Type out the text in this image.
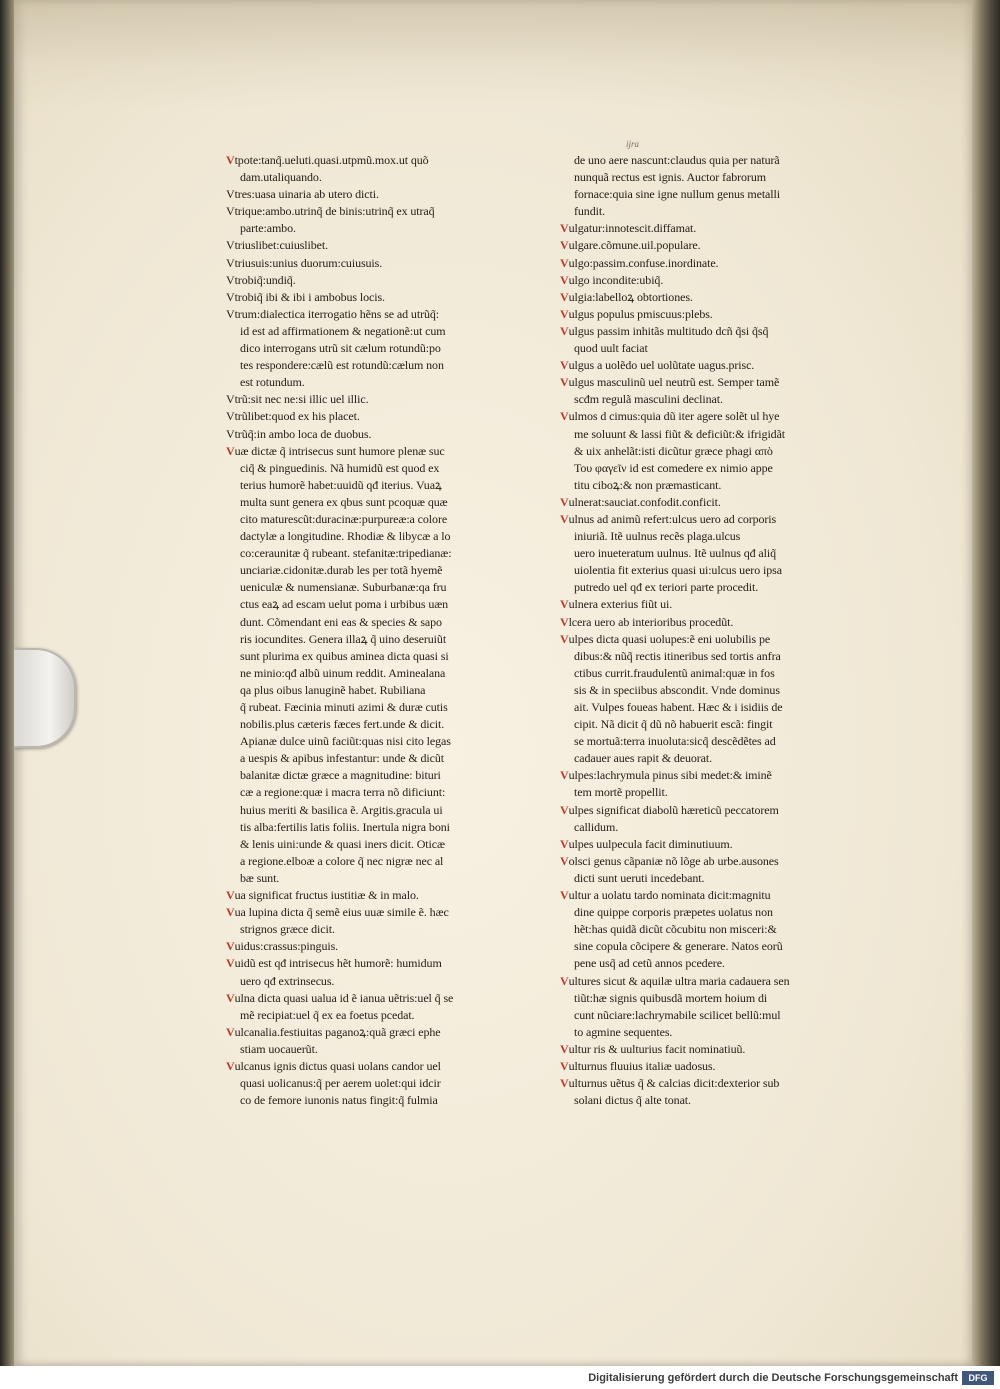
ijra
Vtpote:tanq̃.ueluti.quasi.utpmũ.mox.ut quõ
dam.utaliquando.
Vtres:uasa uinaria ab utero dicti.
Vtrique:ambo.utrinq̃ de binis:utrinq̃ ex utraq̃
parte:ambo.
Vtriuslibet:cuiuslibet.
Vtriusuis:unius duorum:cuiusuis.
Vtrobiq̃:undiq̃.
Vtrobiq̃ ibi & ibi i ambobus locis.
Vtrum:dialectica iterrogatio hẽns se ad utrũq̃:
id est ad affirmationem & negationẽ:ut cum
dico interrogans utrũ sit cælum rotundũ:po
tes respondere:cælũ est rotundũ:cælum non
est rotundum.
Vtrũ:sit nec ne:si illic uel illic.
Vtrũlibet:quod ex his placet.
Vtrũq̃:in ambo loca de duobus.
Vuæ dictæ q̃ intrisecus sunt humore plenæ suc
ciq̃ & pinguedinis. Nã humidũ est quod ex
terius humorẽ habet:uuidũ qđ iterius. Vuaꝝ
multa sunt genera ex qbus sunt pcoquæ quæ
cito maturescũt:duracinæ:purpureæ:a colore
dactylæ a longitudine. Rhodiæ & libycæ a lo
co:ceraunitæ q̃ rubeant. stefanitæ:tripedianæ:
unciariæ.cidonitæ.durab les per totã hyemẽ
ueniculæ & numensianæ. Suburbanæ:qa fru
ctus eaꝝ ad escam uelut poma i urbibus uæn
dunt. Cõmendant eni eas & species & sapo
ris iocundites. Genera illaꝝ q̃ uino deseruiũt
sunt plurima ex quibus aminea dicta quasi si
ne minio:qđ albũ uinum reddit. Aminealana
qa plus oibus lanuginẽ habet. Rubiliana
q̃ rubeat. Fæcinia minuti azimi & duræ cutis
nobilis.plus cæteris fæces fert.unde & dicit.
Apianæ dulce uinũ faciũt:quas nisi cito legas
a uespis & apibus infestantur: unde & dicũt
balanitæ dictæ græce a magnitudine: bituri
cæ a regione:quæ i macra terra nõ dificiunt:
huius meriti & basilica ẽ. Argitis.gracula ui
tis alba:fertilis latis foliis. Inertula nigra boni
& lenis uini:unde & quasi iners dicit. Oticæ
a regione.elboæ a colore q̃ nec nigræ nec al
bæ sunt.
Vua significat fructus iustitiæ & in malo.
Vua lupina dicta q̃ semẽ eius uuæ simile ẽ. hæc
strignos græce dicit.
Vuidus:crassus:pinguis.
Vuidũ est qđ intrisecus hẽt humorẽ: humidum
uero qđ extrinsecus.
Vulna dicta quasi ualua id ẽ ianua uẽtris:uel q̃ se
mẽ recipiat:uel q̃ ex ea foetus pcedat.
Vulcanalia.festiuitas paganoꝝ:quã græci ephe
stiam uocauerũt.
Vulcanus ignis dictus quasi uolans candor uel
quasi uolicanus:q̃ per aerem uolet:qui idcir
co de femore iunonis natus fingit:q̃ fulmia
de uno aere nascunt:claudus quia per naturã
nunquã rectus est ignis. Auctor fabrorum
fornace:quia sine igne nullum genus metalli
fundit.
Vulgatur:innotescit.diffamat.
Vulgare.cõmune.uil.populare.
Vulgo:passim.confuse.inordinate.
Vulgo incondite:ubiq̃.
Vulgia:labelloꝝ obtortiones.
Vulgus populus pmiscuus:plebs.
Vulgus passim inhitãs multitudo dcñ q̃si q̃sq̃
quod uult faciat
Vulgus a uolẽdo uel uolũtate uagus.prisc.
Vulgus masculinũ uel neutrũ est. Semper tamẽ
scđm regulã masculini declinat.
Vulmos d cimus:quia dũ iter agere solẽt ul hye
me soluunt & lassi fiũt & deficiũt:& ifrigidãt
& uix anhelãt:isti dicũtur græce phagi απὸ
Του φαγεῖν id est comedere ex nimio appe
titu ciboꝝ:& non præmasticant.
Vulnerat:sauciat.confodit.conficit.
Vulnus ad animũ refert:ulcus uero ad corporis
iniuriã. Itẽ uulnus recẽs plaga.ulcus
uero inueteratum uulnus. Itẽ uulnus qđ aliq̃
uiolentia fit exterius quasi ui:ulcus uero ipsa
putredo uel qđ ex teriori parte procedit.
Vulnera exterius fiũt ui.
Vlcera uero ab interioribus procedũt.
Vulpes dicta quasi uolupes:ẽ eni uolubilis pe
dibus:& nũq̃ rectis itineribus sed tortis anfra
ctibus currit.fraudulentũ animal:quæ in fos
sis & in speciibus abscondit. Vnde dominus
ait. Vulpes foueas habent. Hæc & i isidiis de
cipit. Nã dicit q̃ dũ nõ habuerit escã: fingit
se mortuã:terra inuoluta:sicq̃ descẽdẽtes ad
cadauer aues rapit & deuorat.
Vulpes:lachrymula pinus sibi medet:& iminẽ
tem mortẽ propellit.
Vulpes significat diabolũ hæreticũ peccatorem
callidum.
Vulpes uulpecula facit diminutiuum.
Volsci genus cãpaniæ nõ lõge ab urbe.ausones
dicti sunt ueruti incedebant.
Vultur a uolatu tardo nominata dicit:magnitu
dine quippe corporis præpetes uolatus non
hẽt:has quidã dicũt cõcubitu non misceri:&
sine copula cõcipere & generare. Natos eorũ
pene usq̃ ad cetũ annos pcedere.
Vultures sicut & aquilæ ultra maria cadauera sen
tiũt:hæ signis quibusdã mortem hoium di
cunt nũciare:lachrymabile scilicet bellũ:mul
to agmine sequentes.
Vultur ris & uulturius facit nominatiuũ.
Vulturnus fluuius italiæ uadosus.
Vulturnus uẽtus q̃ & calcias dicit:dexterior sub
solani dictus q̃ alte tonat.
Digitalisierung gefördert durch die Deutsche Forschungsgemeinschaft	DFG
